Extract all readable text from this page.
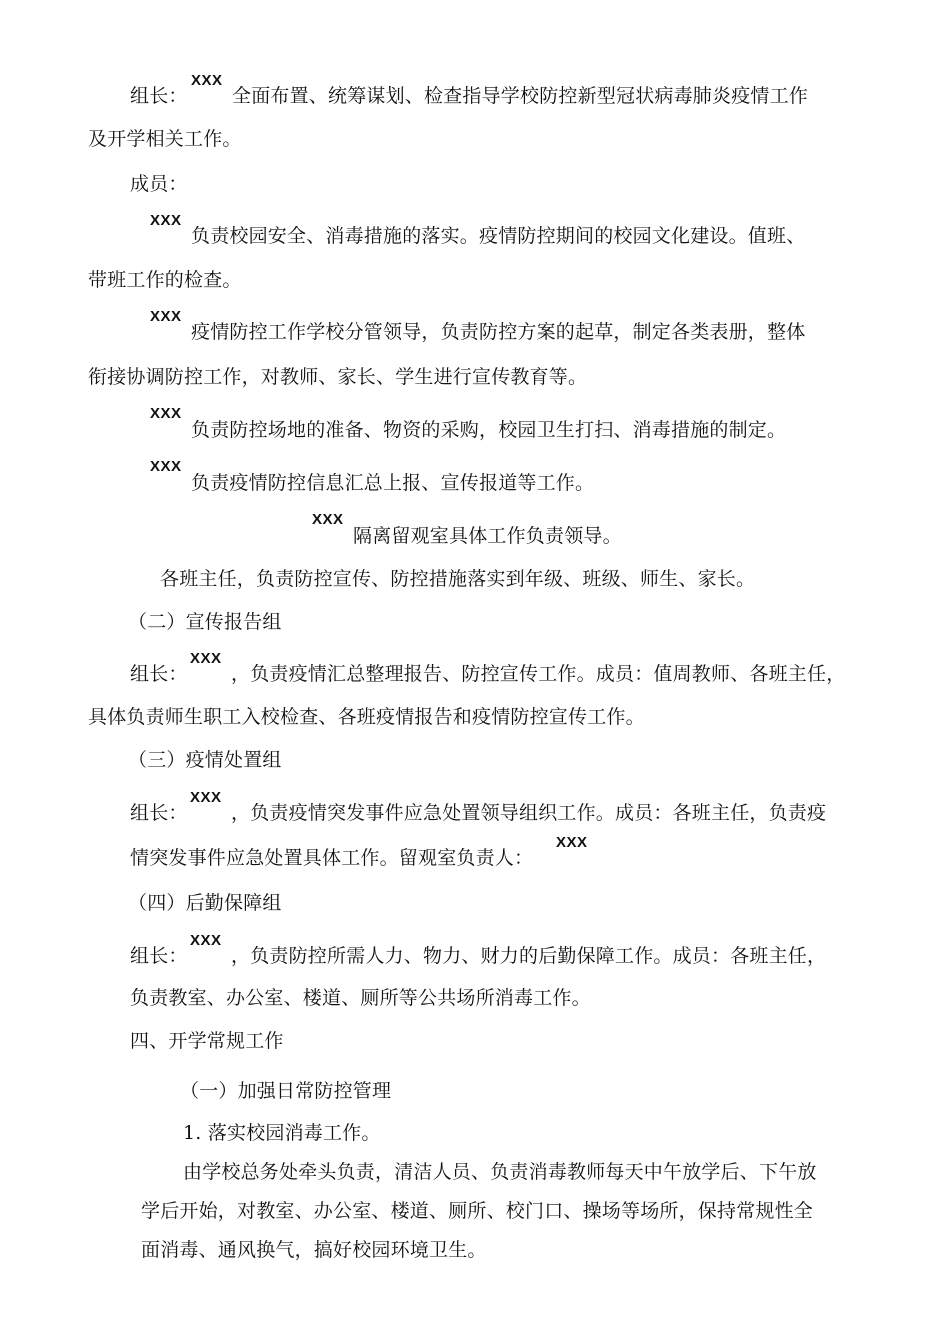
组长：
XXX
全面布置、统筹谋划、检查指导学校防控新型冠状病毒肺炎疫情工作
及开学相关工作。
成员：
XXX
负责校园安全、消毒措施的落实。疫情防控期间的校园文化建设。值班、
带班工作的检查。
XXX
疫情防控工作学校分管领导，负责防控方案的起草，制定各类表册，整体
衔接协调防控工作，对教师、家长、学生进行宣传教育等。
XXX
负责防控场地的准备、物资的采购，校园卫生打扫、消毒措施的制定。
XXX
负责疫情防控信息汇总上报、宣传报道等工作。
XXX
隔离留观室具体工作负责领导。
各班主任，负责防控宣传、防控措施落实到年级、班级、师生、家长。
（二）宣传报告组
组长：
XXX
，负责疫情汇总整理报告、防控宣传工作。成员：值周教师、各班主任，
具体负责师生职工入校检查、各班疫情报告和疫情防控宣传工作。
（三）疫情处置组
组长：
XXX
，负责疫情突发事件应急处置领导组织工作。成员：各班主任，负责疫
情突发事件应急处置具体工作。留观室负责人：
XXX
（四）后勤保障组
组长：
XXX
，负责防控所需人力、物力、财力的后勤保障工作。成员：各班主任，
负责教室、办公室、楼道、厕所等公共场所消毒工作。
四、开学常规工作
（一）加强日常防控管理
1. 落实校园消毒工作。
由学校总务处牵头负责，清洁人员、负责消毒教师每天中午放学后、下午放
学后开始，对教室、办公室、楼道、厕所、校门口、操场等场所，保持常规性全
面消毒、通风换气，搞好校园环境卫生。
